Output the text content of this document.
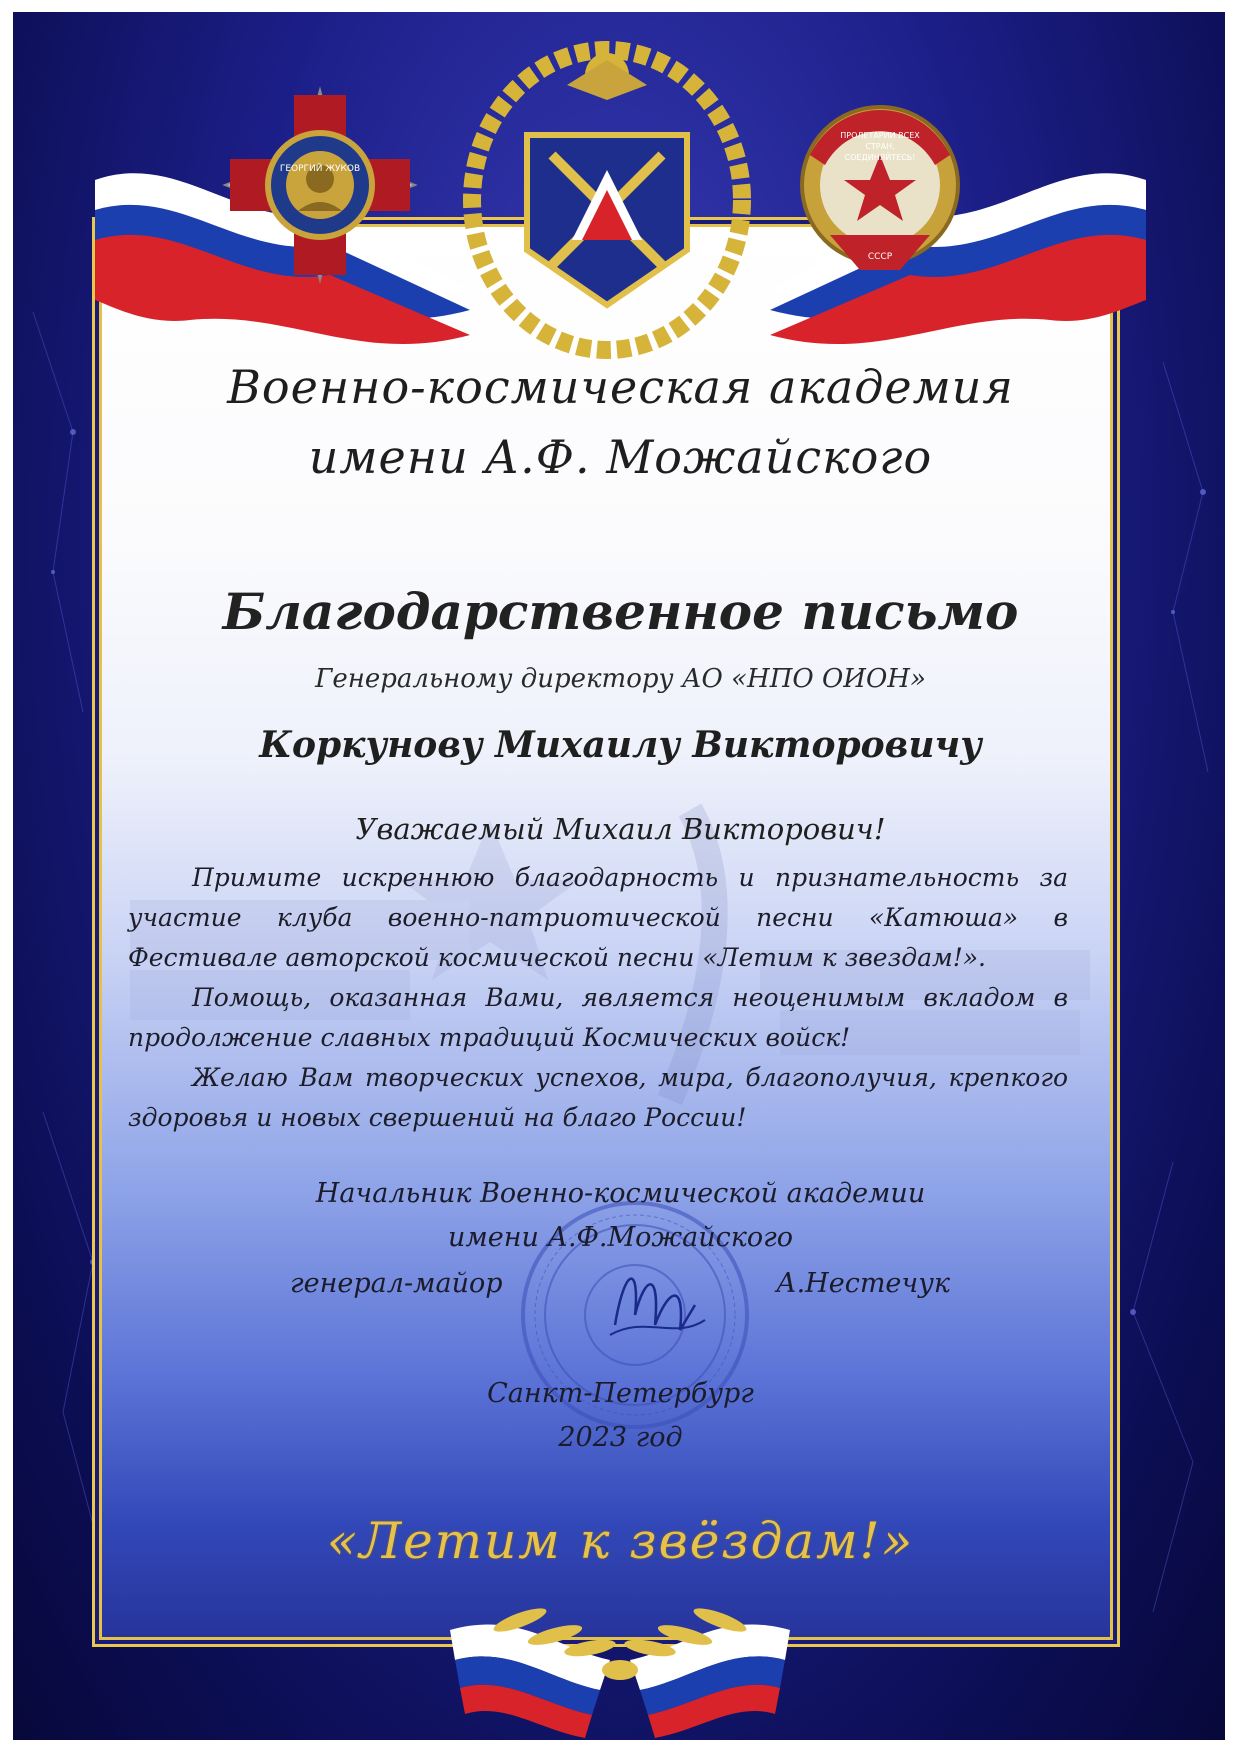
ГЕОРГИЙ ЖУКОВ
ПРОЛЕТАРИИ ВСЕХ СТРАН, СОЕДИНЯЙТЕСЬ!
СССР
Военно-космическая академия
имени А.Ф. Можайского
Благодарственное письмо
Генеральному директору АО «НПО ОИОН»
Коркунову Михаилу Викторовичу
Уважаемый Михаил Викторович!

Примите искреннюю благодарность и признательность за участие клуба военно-патриотической песни «Катюша» в Фестивале авторской космической песни «Летим к звездам!».

Помощь, оказанная Вами, является неоценимым вкладом в продолжение славных традиций Космических войск!

Желаю Вам творческих успехов, мира, благополучия, крепкого здоровья и новых свершений на благо России!

Начальник Военно-космической академии
имени А.Ф.Можайского
генерал-майор	А.Нестечук
Санкт-Петербург
2023 год
«Летим к звёздам!»
